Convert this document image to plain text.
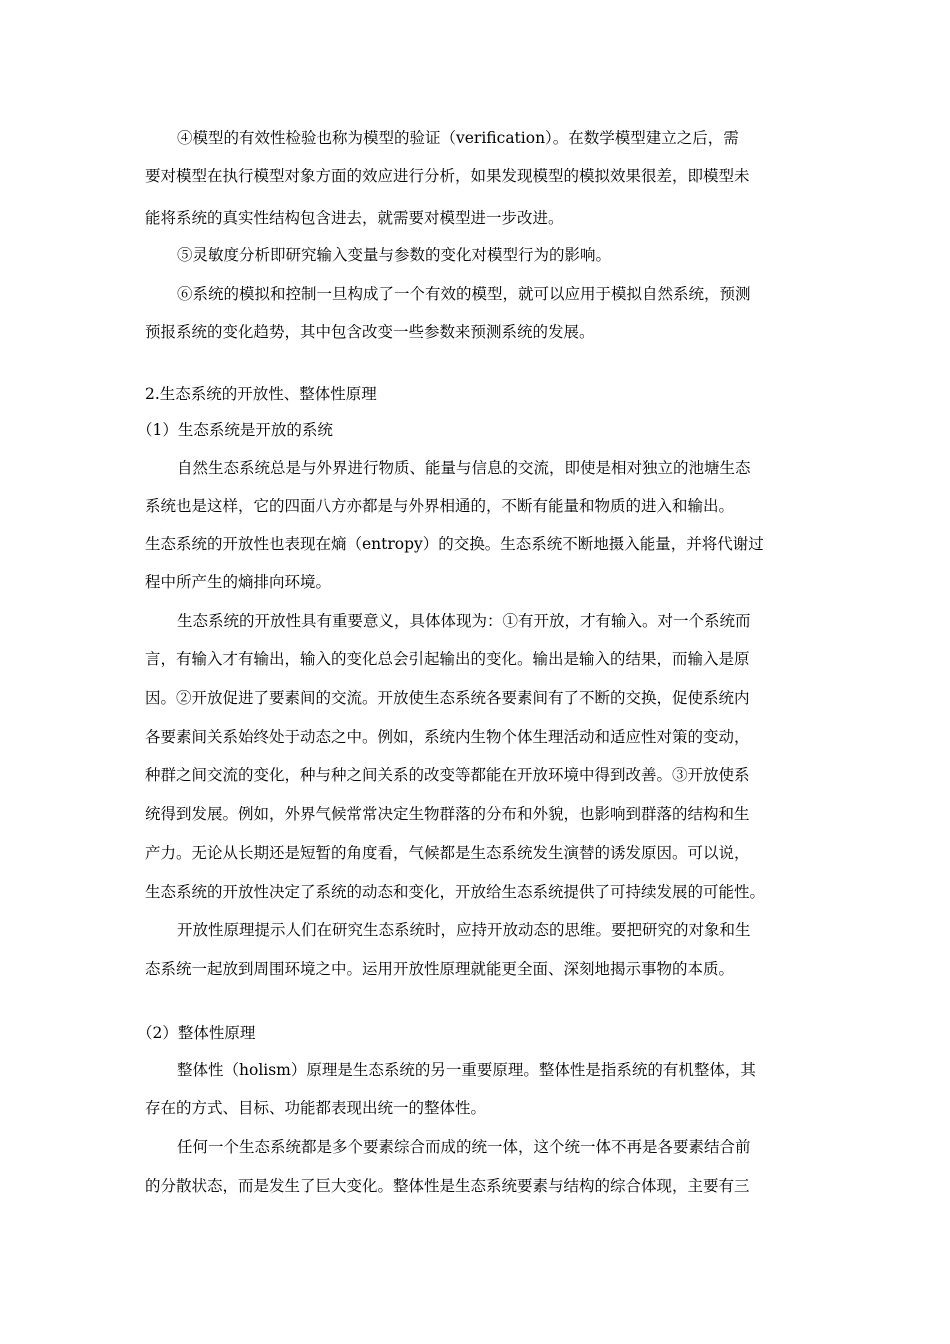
④模型的有效性检验也称为模型的验证（verification）。在数学模型建立之后，需
要对模型在执行模型对象方面的效应进行分析，如果发现模型的模拟效果很差，即模型未
能将系统的真实性结构包含进去，就需要对模型进一步改进。
⑤灵敏度分析即研究输入变量与参数的变化对模型行为的影响。
⑥系统的模拟和控制一旦构成了一个有效的模型，就可以应用于模拟自然系统，预测
预报系统的变化趋势，其中包含改变一些参数来预测系统的发展。
2.生态系统的开放性、整体性原理
（1）生态系统是开放的系统
自然生态系统总是与外界进行物质、能量与信息的交流，即使是相对独立的池塘生态
系统也是这样，它的四面八方亦都是与外界相通的，不断有能量和物质的进入和输出。
生态系统的开放性也表现在熵（entropy）的交换。生态系统不断地摄入能量，并将代谢过
程中所产生的熵排向环境。
生态系统的开放性具有重要意义，具体体现为：①有开放，才有输入。对一个系统而
言，有输入才有输出，输入的变化总会引起输出的变化。输出是输入的结果，而输入是原
因。②开放促进了要素间的交流。开放使生态系统各要素间有了不断的交换，促使系统内
各要素间关系始终处于动态之中。例如，系统内生物个体生理活动和适应性对策的变动，
种群之间交流的变化，种与种之间关系的改变等都能在开放环境中得到改善。③开放使系
统得到发展。例如，外界气候常常决定生物群落的分布和外貌，也影响到群落的结构和生
产力。无论从长期还是短暂的角度看，气候都是生态系统发生演替的诱发原因。可以说，
生态系统的开放性决定了系统的动态和变化，开放给生态系统提供了可持续发展的可能性。
开放性原理提示人们在研究生态系统时，应持开放动态的思维。要把研究的对象和生
态系统一起放到周围环境之中。运用开放性原理就能更全面、深刻地揭示事物的本质。
（2）整体性原理
整体性（holism）原理是生态系统的另一重要原理。整体性是指系统的有机整体，其
存在的方式、目标、功能都表现出统一的整体性。
任何一个生态系统都是多个要素综合而成的统一体，这个统一体不再是各要素结合前
的分散状态，而是发生了巨大变化。整体性是生态系统要素与结构的综合体现，主要有三
